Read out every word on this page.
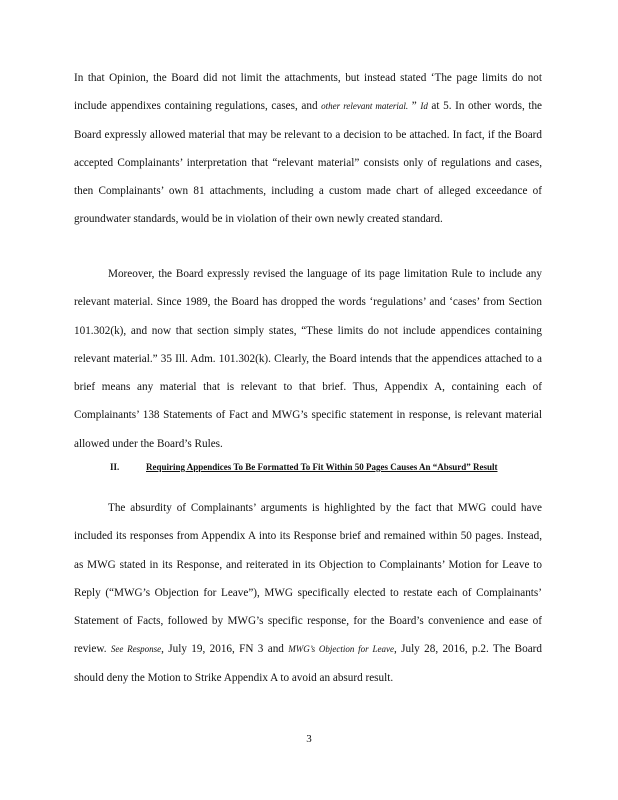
In that Opinion, the Board did not limit the attachments, but instead stated ‘The page limits do not include appendixes containing regulations, cases, and other relevant material. ” Id at 5. In other words, the Board expressly allowed material that may be relevant to a decision to be attached. In fact, if the Board accepted Complainants’ interpretation that “relevant material” consists only of regulations and cases, then Complainants’ own 81 attachments, including a custom made chart of alleged exceedance of groundwater standards, would be in violation of their own newly created standard.

Moreover, the Board expressly revised the language of its page limitation Rule to include any relevant material. Since 1989, the Board has dropped the words ‘regulations’ and ‘cases’ from Section 101.302(k), and now that section simply states, “These limits do not include appendices containing relevant material.” 35 Ill. Adm. 101.302(k). Clearly, the Board intends that the appendices attached to a brief means any material that is relevant to that brief. Thus, Appendix A, containing each of Complainants’ 138 Statements of Fact and MWG’s specific statement in response, is relevant material allowed under the Board’s Rules.

II.	Requiring Appendices To Be Formatted To Fit Within 50 Pages Causes An “Absurd” Result

The absurdity of Complainants’ arguments is highlighted by the fact that MWG could have included its responses from Appendix A into its Response brief and remained within 50 pages. Instead, as MWG stated in its Response, and reiterated in its Objection to Complainants’ Motion for Leave to Reply (“MWG’s Objection for Leave”), MWG specifically elected to restate each of Complainants’ Statement of Facts, followed by MWG’s specific response, for the Board’s convenience and ease of review. See Response, July 19, 2016, FN 3 and MWG’s Objection for Leave, July 28, 2016, p.2. The Board should deny the Motion to Strike Appendix A to avoid an absurd result.

3
